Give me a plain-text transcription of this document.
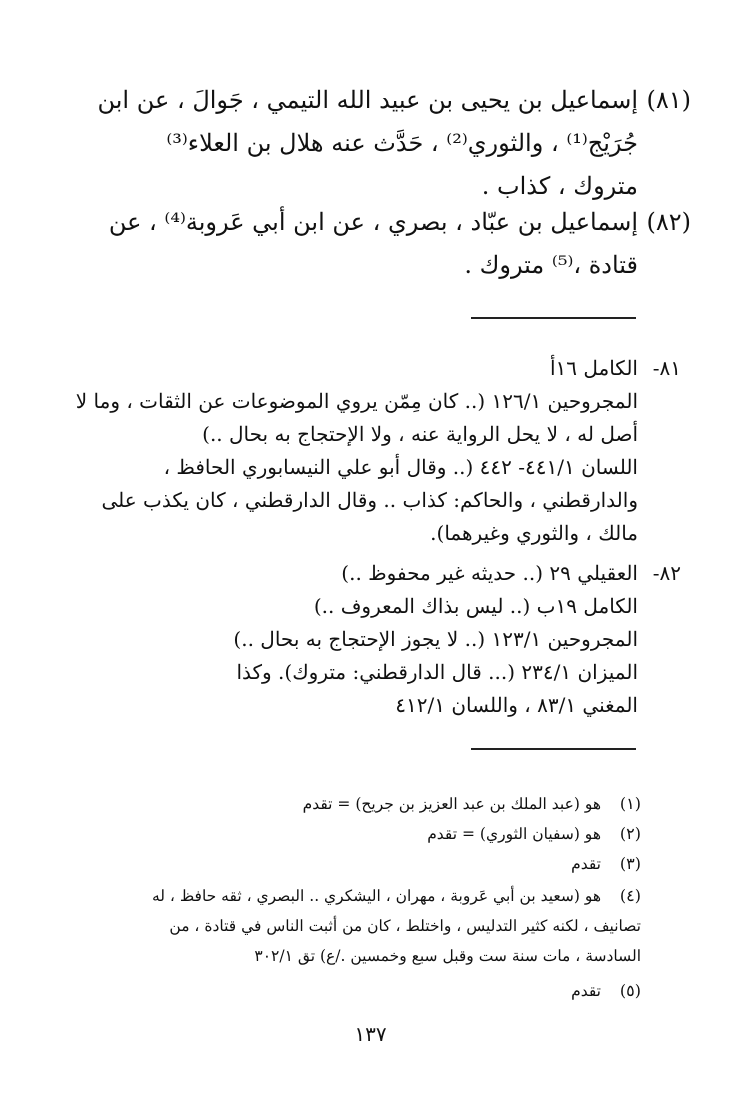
(٨١)
إسماعيل بن يحيى بن عبيد الله التيمي ، جَوالَ ، عن ابن
جُرَيْج⁽¹⁾ ، والثوري⁽²⁾ ، حَدَّث عنه هلال بن العلاء⁽³⁾
متروك ، كذاب .
(٨٢)
إسماعيل بن عبّاد ، بصري ، عن ابن أبي عَروبة⁽⁴⁾ ، عن
قتادة ،⁽⁵⁾ متروك .
٨١-
الكامل ١٦أ
المجروحين ١٢٦/١ (.. كان مِمّن يروي الموضوعات عن الثقات ، وما لا
أصل له ، لا يحل الرواية عنه ، ولا الإحتجاج به بحال ..)
اللسان ٤٤١/١- ٤٤٢ (.. وقال أبو علي النيسابوري الحافظ ،
والدارقطني ، والحاكم: كذاب .. وقال الدارقطني ، كان يكذب على
مالك ، والثوري وغيرهما).
٨٢-
العقيلي ٢٩ (.. حديثه غير محفوظ ..)
الكامل ١٩ب (.. ليس بذاك المعروف ..)
المجروحين ١٢٣/١ (.. لا يجوز الإحتجاج به بحال ..)
الميزان ٢٣٤/١ (... قال الدارقطني: متروك). وكذا
المغني ٨٣/١ ، واللسان ٤١٢/١
(١)
هو (عبد الملك بن عبد العزيز بن جريح) = تقدم
(٢)
هو (سفيان الثوري) = تقدم
(٣)
تقدم
(٤)
هو (سعيد بن أبي عَروبة ، مهران ، اليشكري .. البصري ، ثقه حافظ ، له
تصانيف ، لكنه كثير التدليس ، واختلط ، كان من أثبت الناس في قتادة ، من
السادسة ، مات سنة ست وقبل سبع وخمسين ./ع) تق ٣٠٢/١
(٥)
تقدم
١٣٧
